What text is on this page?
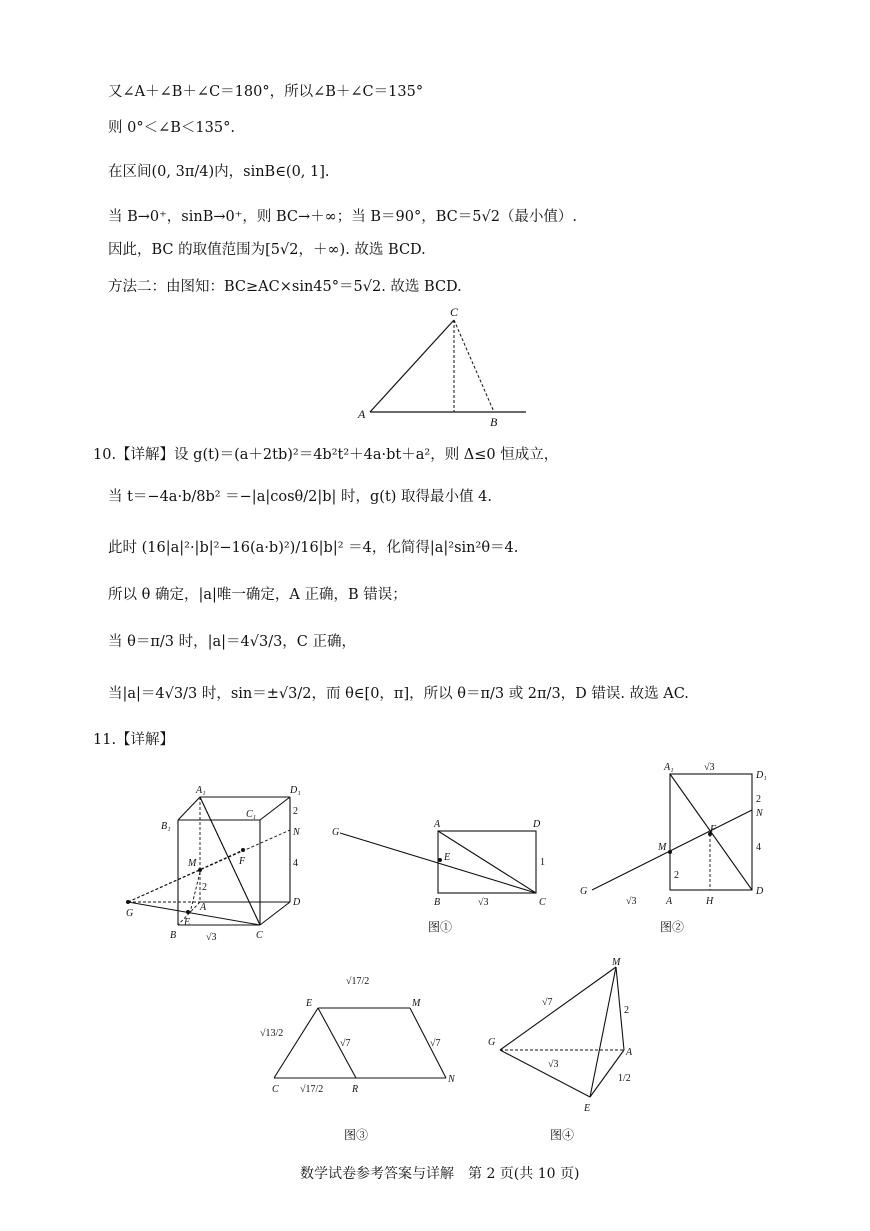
又∠A＋∠B＋∠C＝180°，所以∠B＋∠C＝135°
则 0°＜∠B＜135°.
在区间(0, 3π/4)内，sinB∈(0, 1].
当 B→0⁺，sinB→0⁺，则 BC→＋∞；当 B＝90°，BC＝5√2（最小值）.
因此，BC 的取值范围为[5√2，＋∞). 故选 BCD.
方法二：由图知：BC≥AC×sin45°＝5√2. 故选 BCD.
C
A
B
10.【详解】设 g(t)＝(a＋2tb)²＝4b²t²＋4a·bt＋a²，则 Δ≤0 恒成立，
当 t＝−4a·b/8b² ＝−|a|cosθ/2|b| 时，g(t) 取得最小值 4.
此时 (16|a|²·|b|²−16(a·b)²)/16|b|² ＝4，化简得|a|²sin²θ＝4.
所以 θ 确定，|a|唯一确定，A 正确，B 错误；
当 θ＝π/3 时，|a|＝4√3/3，C 正确，
当|a|＝4√3/3 时，sin＝±√3/2，而 θ∈[0，π]，所以 θ＝π/3 或 2π/3，D 错误. 故选 AC.
11.【详解】
A₁	D₁
B₁
C₁
N
M	F
G
E
A	D
B	C
2
2
4
√3
G
A	D
E	1
B	√3	C
图①
A₁	√3
D₁
2
N
F
M	4
2
G
√3	A	H
D
图②
E
√17/2
M
√13/2
√7	√7
C √17/2	R
N
图③
M
√7
2
G
A
√3
1/2
E
图④
数学试卷参考答案与详解　第 2 页(共 10 页)
